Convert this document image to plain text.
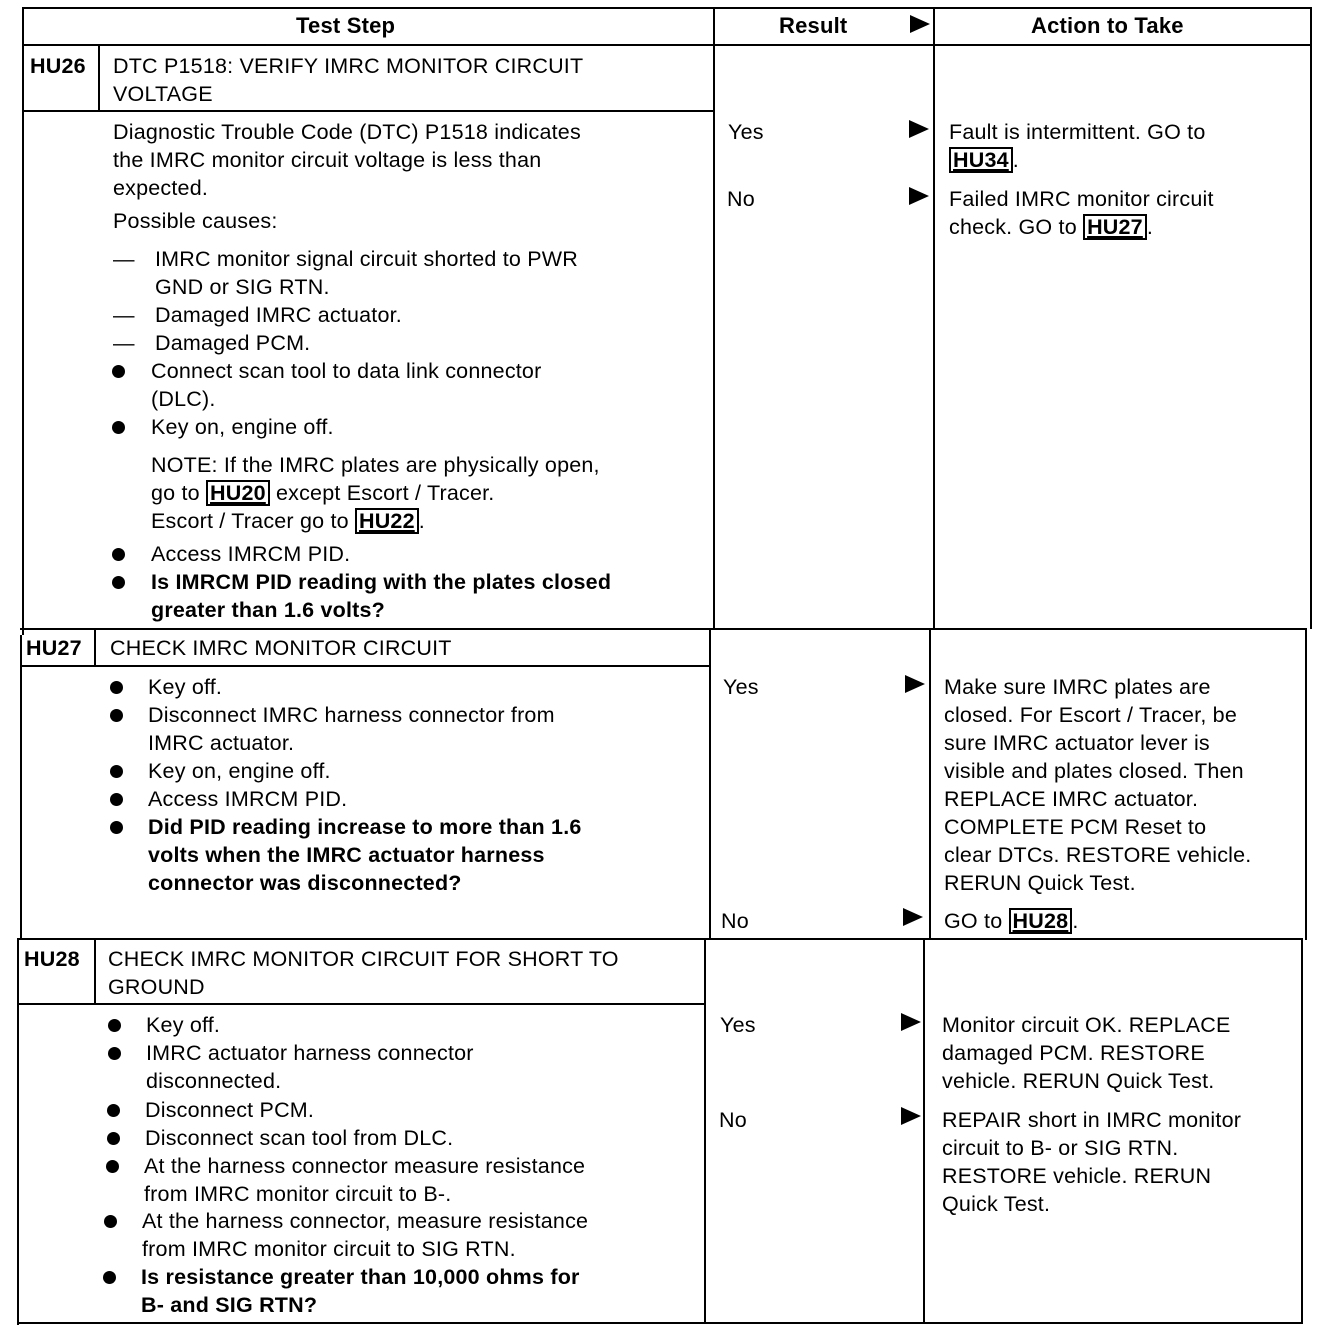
Test Step	Result	Action to Take
HU26 DTC P1518: VERIFY IMRC MONITOR CIRCUIT
VOLTAGE
Diagnostic Trouble Code (DTC) P1518 indicates
the IMRC monitor circuit voltage is less than
expected.
Possible causes:
— IMRC monitor signal circuit shorted to PWR
GND or SIG RTN.
— Damaged IMRC actuator.
— Damaged PCM.
Connect scan tool to data link connector
(DLC).
Key on, engine off.
NOTE: If the IMRC plates are physically open,
go to HU20 except Escort / Tracer.
Escort / Tracer go to HU22 .
Access IMRCM PID.
Is IMRCM PID reading with the plates closed
greater than 1.6 volts?
Yes
No
Fault is intermittent. GO to
HU34 .
Failed IMRC monitor circuit
check. GO to HU27 .
HU27 CHECK IMRC MONITOR CIRCUIT
Key off.
Disconnect IMRC harness connector from
IMRC actuator.
Key on, engine off.
Access IMRCM PID.
Did PID reading increase to more than 1.6
volts when the IMRC actuator harness
connector was disconnected?
Yes
No
Make sure IMRC plates are
closed. For Escort / Tracer, be
sure IMRC actuator lever is
visible and plates closed. Then
REPLACE IMRC actuator.
COMPLETE PCM Reset to
clear DTCs. RESTORE vehicle.
RERUN Quick Test.
GO to HU28 .
HU28 CHECK IMRC MONITOR CIRCUIT FOR SHORT TO
GROUND
Key off.
IMRC actuator harness connector
disconnected.
Disconnect PCM.
Disconnect scan tool from DLC.
At the harness connector measure resistance
from IMRC monitor circuit to B-.
At the harness connector, measure resistance
from IMRC monitor circuit to SIG RTN.
Is resistance greater than 10,000 ohms for
B- and SIG RTN?
Yes
No
Monitor circuit OK. REPLACE
damaged PCM. RESTORE
vehicle. RERUN Quick Test.
REPAIR short in IMRC monitor
circuit to B- or SIG RTN.
RESTORE vehicle. RERUN
Quick Test.
